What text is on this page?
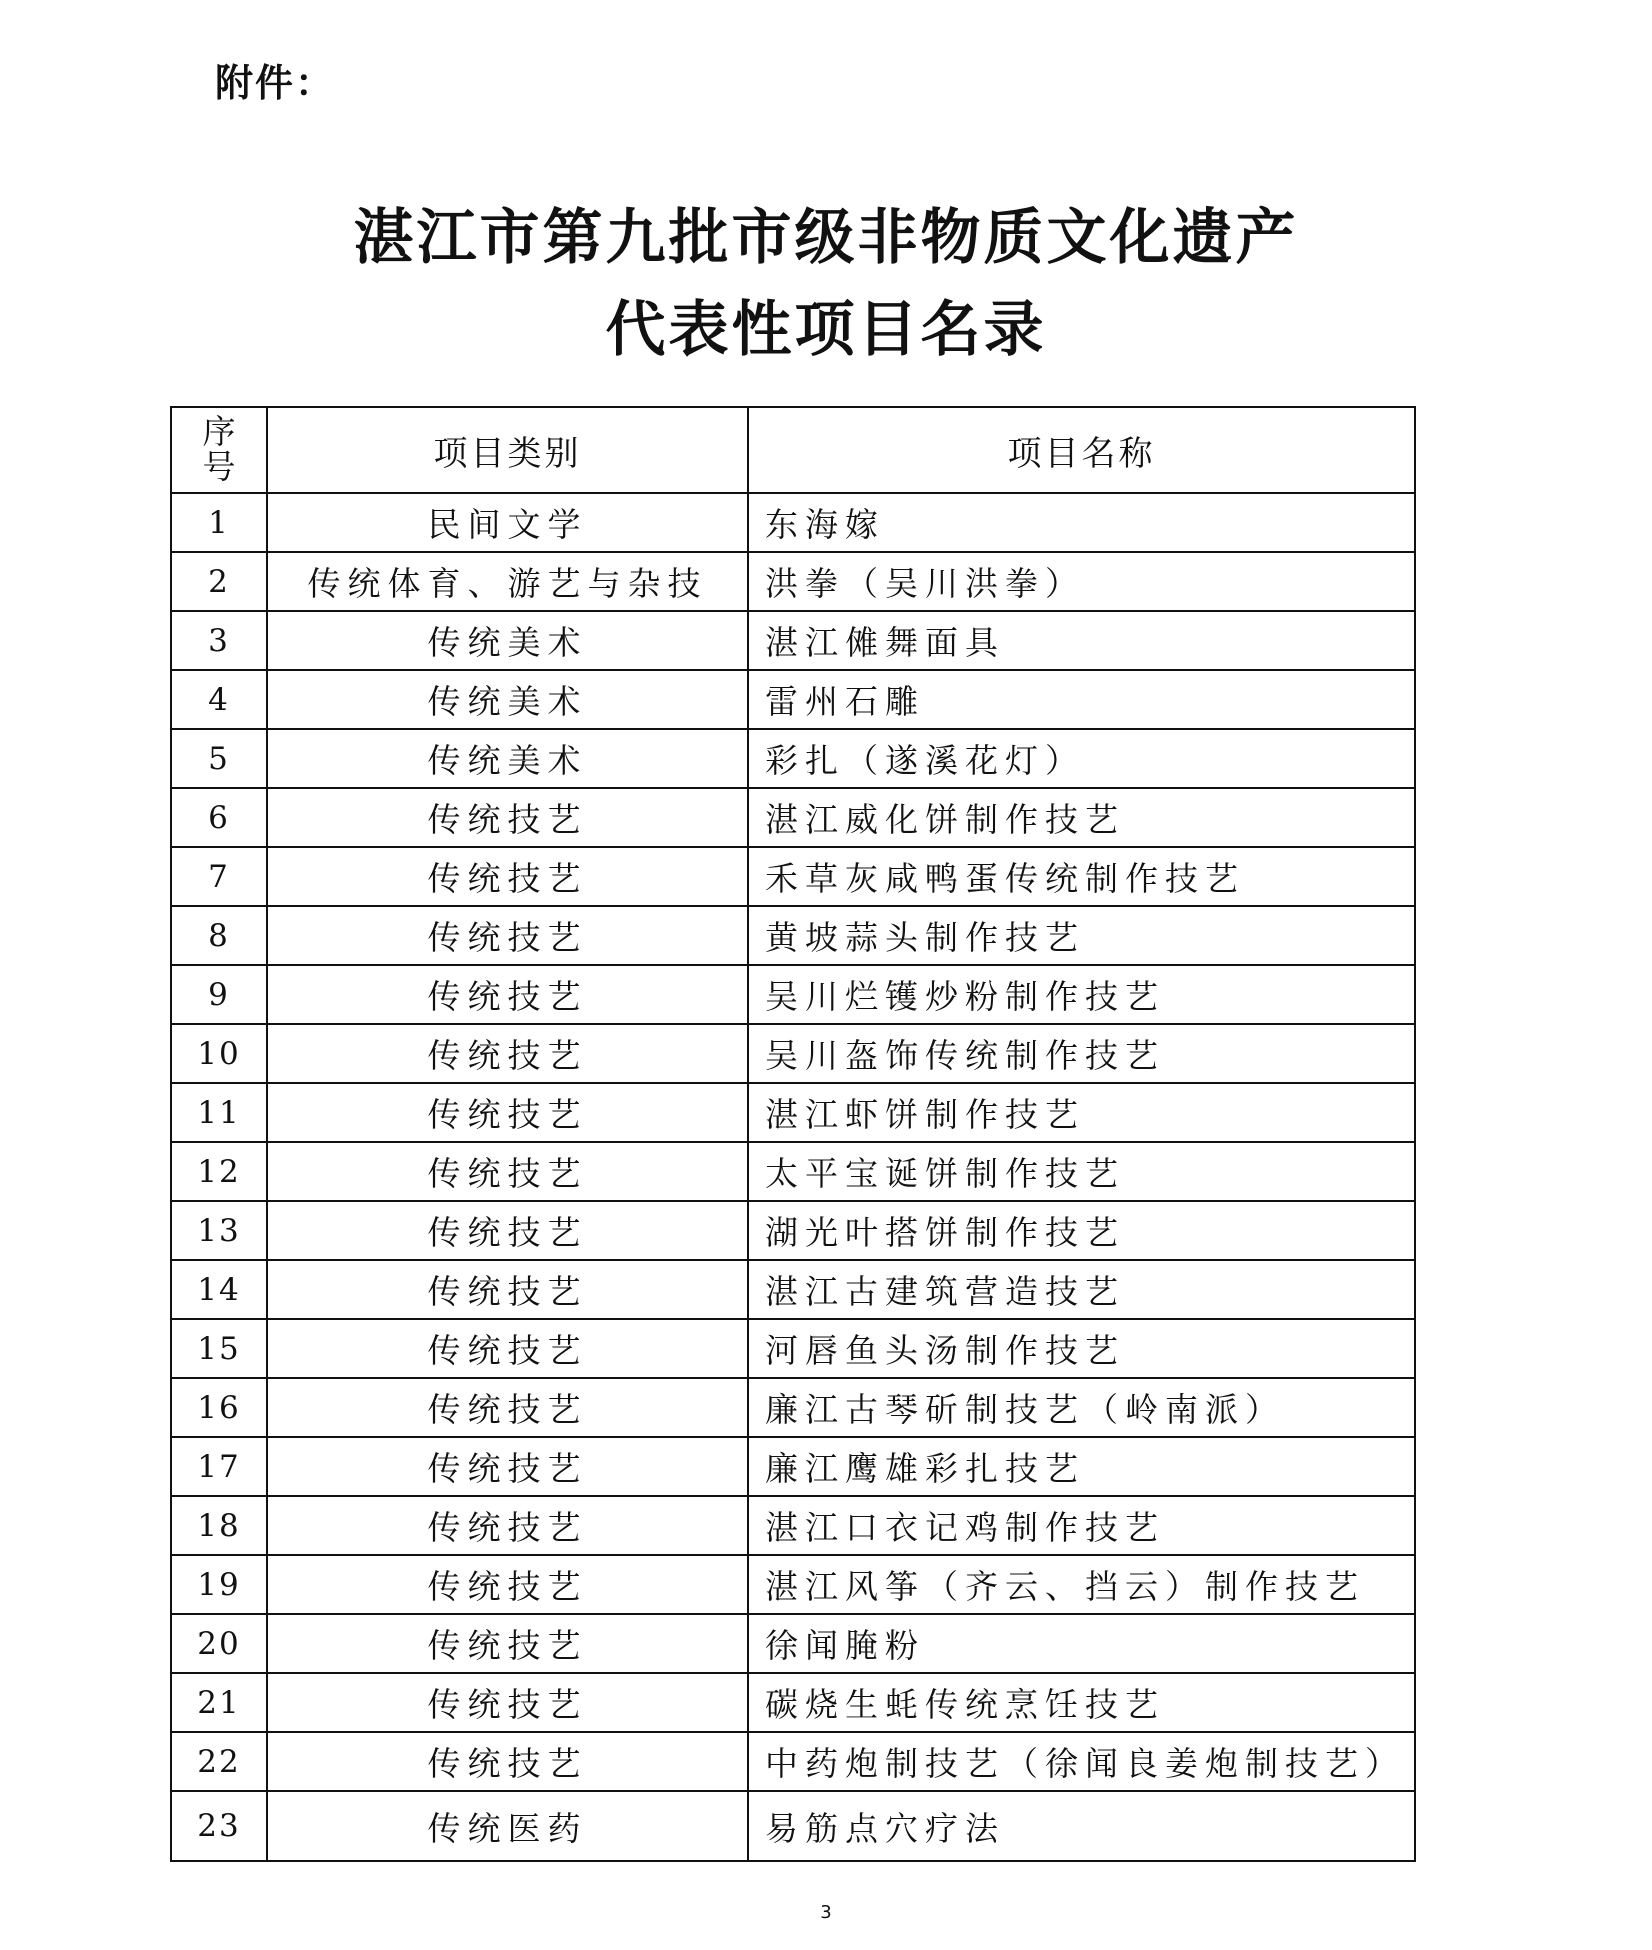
附件：

湛江市第九批市级非物质文化遗产
代表性项目名录
序
号	项目类别	项目名称
1	民间文学	东海嫁
2	传统体育、游艺与杂技	洪拳（吴川洪拳）
3	传统美术	湛江傩舞面具
4	传统美术	雷州石雕
5	传统美术	彩扎（遂溪花灯）
6	传统技艺	湛江威化饼制作技艺
7	传统技艺	禾草灰咸鸭蛋传统制作技艺
8	传统技艺	黄坡蒜头制作技艺
9	传统技艺	吴川烂镬炒粉制作技艺
10	传统技艺	吴川盔饰传统制作技艺
11	传统技艺	湛江虾饼制作技艺
12	传统技艺	太平宝诞饼制作技艺
13	传统技艺	湖光叶搭饼制作技艺
14	传统技艺	湛江古建筑营造技艺
15	传统技艺	河唇鱼头汤制作技艺
16	传统技艺	廉江古琴斫制技艺（岭南派）
17	传统技艺	廉江鹰雄彩扎技艺
18	传统技艺	湛江口衣记鸡制作技艺
19	传统技艺	湛江风筝（齐云、挡云）制作技艺
20	传统技艺	徐闻腌粉
21	传统技艺	碳烧生蚝传统烹饪技艺
22	传统技艺	中药炮制技艺（徐闻良姜炮制技艺）
23	传统医药	易筋点穴疗法

3
